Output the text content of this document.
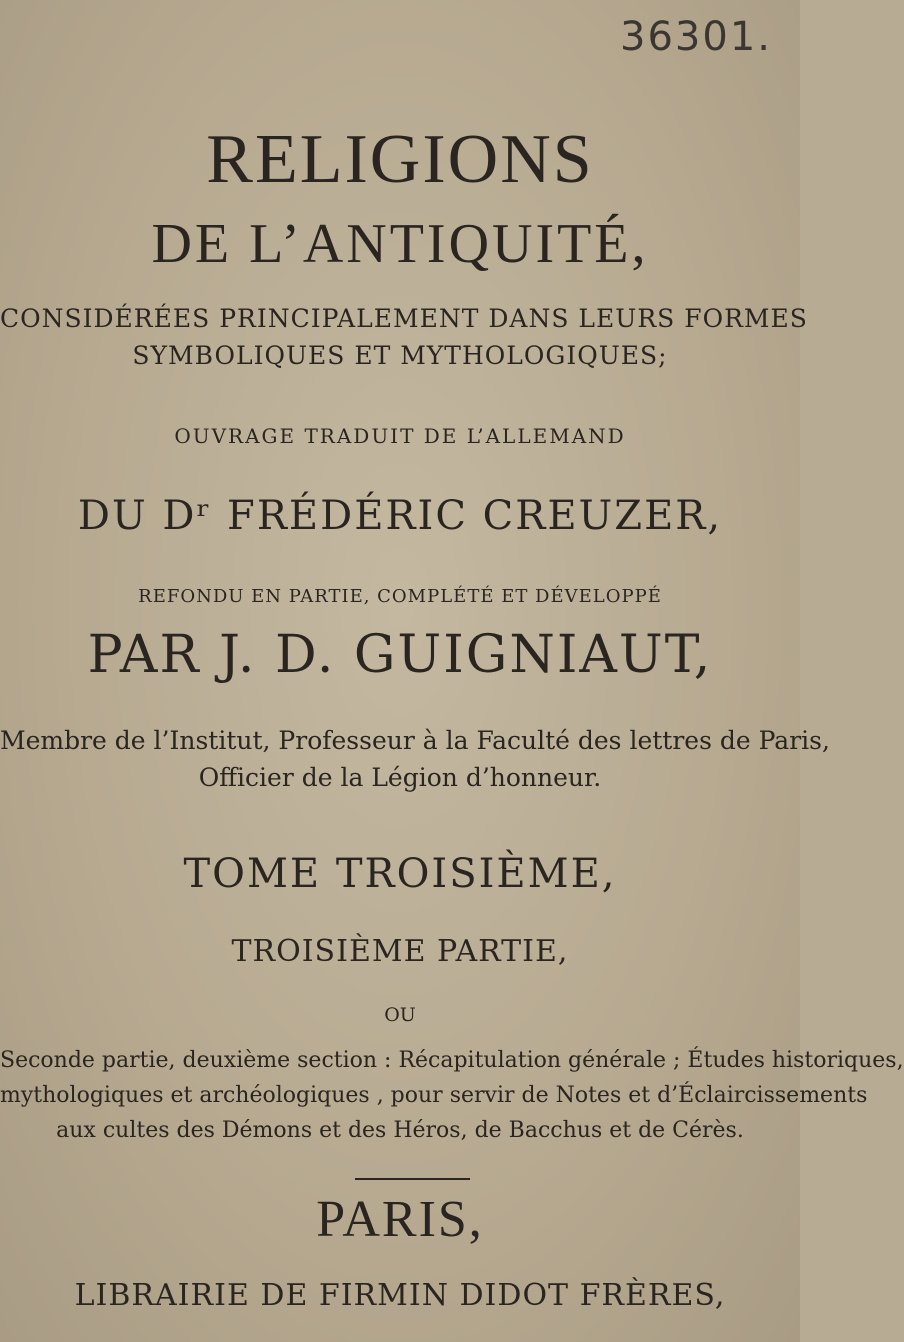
36301.

RELIGIONS

DE L’ANTIQUITÉ,

CONSIDÉRÉES PRINCIPALEMENT DANS LEURS FORMES

SYMBOLIQUES ET MYTHOLOGIQUES;

OUVRAGE TRADUIT DE L’ALLEMAND

DU Dʳ FRÉDÉRIC CREUZER,

REFONDU EN PARTIE, COMPLÉTÉ ET DÉVELOPPÉ

PAR J. D. GUIGNIAUT,

Membre de l’Institut, Professeur à la Faculté des lettres de Paris,

Officier de la Légion d’honneur.

TOME TROISIÈME,

TROISIÈME PARTIE,

OU

Seconde partie, deuxième section : Récapitulation générale ; Études historiques,

mythologiques et archéologiques , pour servir de Notes et d’Éclaircissements

aux cultes des Démons et des Héros, de Bacchus et de Cérès.

PARIS,

LIBRAIRIE DE FIRMIN DIDOT FRÈRES,
